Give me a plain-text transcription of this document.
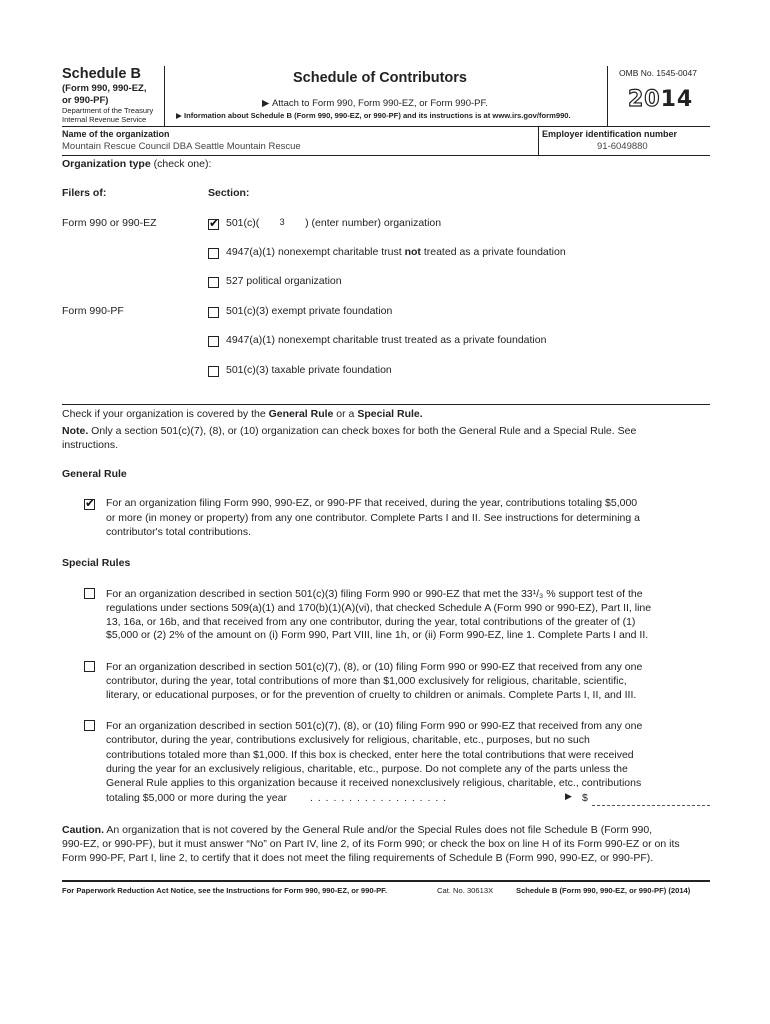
Schedule B
(Form 990, 990-EZ,
or 990-PF)
Department of the Treasury
Internal Revenue Service
Schedule of Contributors
▶ Attach to Form 990, Form 990-EZ, or Form 990-PF.
▶ Information about Schedule B (Form 990, 990-EZ, or 990-PF) and its instructions is at www.irs.gov/form990.
OMB No. 1545-0047
2014
Name of the organization
Mountain Rescue Council DBA Seattle Mountain Rescue
Employer identification number
91-6049880
Organization type (check one):
Filers of:	Section:
Form 990 or 990-EZ
✔	501(c)( 3 ) (enter number) organization
4947(a)(1) nonexempt charitable trust not treated as a private foundation
527 political organization
Form 990-PF	501(c)(3) exempt private foundation
4947(a)(1) nonexempt charitable trust treated as a private foundation
501(c)(3) taxable private foundation
Check if your organization is covered by the General Rule or a Special Rule.
Note. Only a section 501(c)(7), (8), or (10) organization can check boxes for both the General Rule and a Special Rule. See
instructions.
General Rule
✔
For an organization filing Form 990, 990-EZ, or 990-PF that received, during the year, contributions totaling $5,000
or more (in money or property) from any one contributor. Complete Parts I and II. See instructions for determining a
contributor's total contributions.
Special Rules
For an organization described in section 501(c)(3) filing Form 990 or 990-EZ that met the 33¹/₃ % support test of the
regulations under sections 509(a)(1) and 170(b)(1)(A)(vi), that checked Schedule A (Form 990 or 990-EZ), Part II, line
13, 16a, or 16b, and that received from any one contributor, during the year, total contributions of the greater of (1)
$5,000 or (2) 2% of the amount on (i) Form 990, Part VIII, line 1h, or (ii) Form 990-EZ, line 1. Complete Parts I and II.
For an organization described in section 501(c)(7), (8), or (10) filing Form 990 or 990-EZ that received from any one
contributor, during the year, total contributions of more than $1,000 exclusively for religious, charitable, scientific,
literary, or educational purposes, or for the prevention of cruelty to children or animals. Complete Parts I, II, and III.
For an organization described in section 501(c)(7), (8), or (10) filing Form 990 or 990-EZ that received from any one
contributor, during the year, contributions exclusively for religious, charitable, etc., purposes, but no such
contributions totaled more than $1,000. If this box is checked, enter here the total contributions that were received
during the year for an exclusively religious, charitable, etc., purpose. Do not complete any of the parts unless the
General Rule applies to this organization because it received nonexclusively religious, charitable, etc., contributions
totaling $5,000 or more during the year . . . . . . . . . . . . . . . . . .	▶ $
Caution. An organization that is not covered by the General Rule and/or the Special Rules does not file Schedule B (Form 990,
990-EZ, or 990-PF), but it must answer “No” on Part IV, line 2, of its Form 990; or check the box on line H of its Form 990-EZ or on its
Form 990-PF, Part I, line 2, to certify that it does not meet the filing requirements of Schedule B (Form 990, 990-EZ, or 990-PF).
For Paperwork Reduction Act Notice, see the Instructions for Form 990, 990-EZ, or 990-PF.	Cat. No. 30613X	Schedule B (Form 990, 990-EZ, or 990-PF) (2014)
